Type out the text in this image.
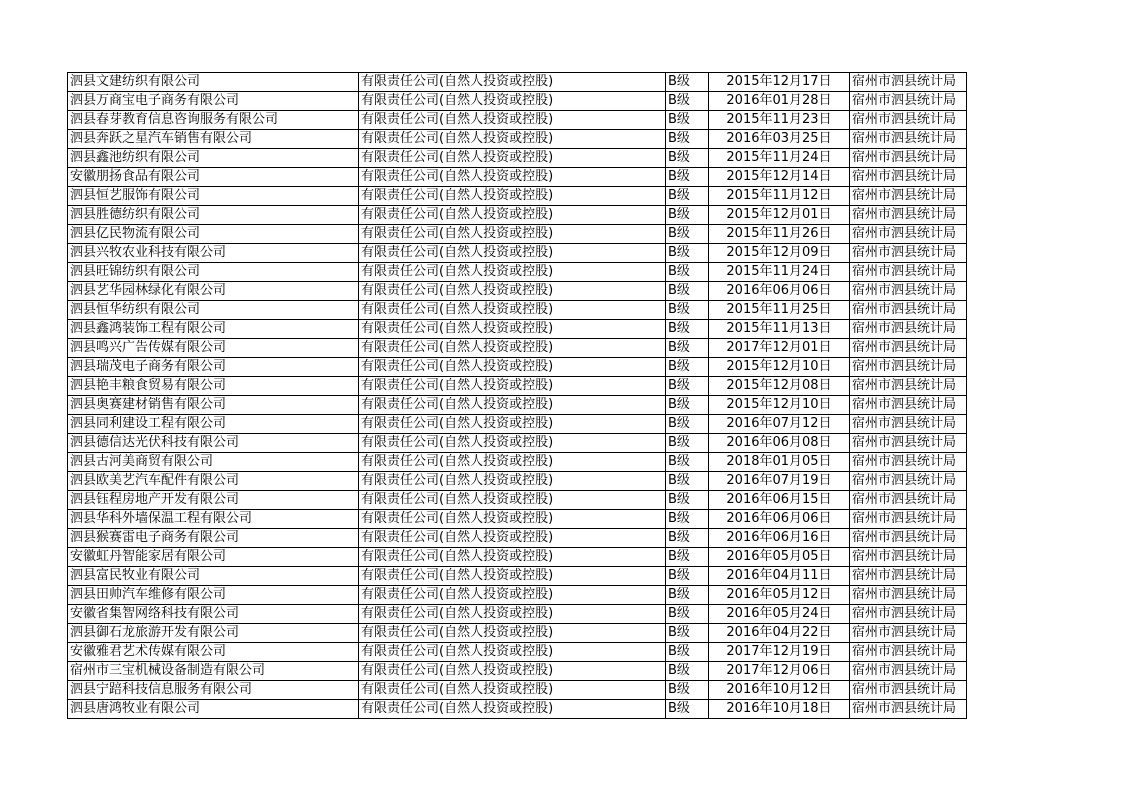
泗县文建纺织有限公司	有限责任公司(自然人投资或控股)	B级	2015年12月17日	宿州市泗县统计局
泗县万商宝电子商务有限公司	有限责任公司(自然人投资或控股)	B级	2016年01月28日	宿州市泗县统计局
泗县春芽教育信息咨询服务有限公司	有限责任公司(自然人投资或控股)	B级	2015年11月23日	宿州市泗县统计局
泗县奔跃之星汽车销售有限公司	有限责任公司(自然人投资或控股)	B级	2016年03月25日	宿州市泗县统计局
泗县鑫池纺织有限公司	有限责任公司(自然人投资或控股)	B级	2015年11月24日	宿州市泗县统计局
安徽朋扬食品有限公司	有限责任公司(自然人投资或控股)	B级	2015年12月14日	宿州市泗县统计局
泗县恒艺服饰有限公司	有限责任公司(自然人投资或控股)	B级	2015年11月12日	宿州市泗县统计局
泗县胜德纺织有限公司	有限责任公司(自然人投资或控股)	B级	2015年12月01日	宿州市泗县统计局
泗县亿民物流有限公司	有限责任公司(自然人投资或控股)	B级	2015年11月26日	宿州市泗县统计局
泗县兴牧农业科技有限公司	有限责任公司(自然人投资或控股)	B级	2015年12月09日	宿州市泗县统计局
泗县旺锦纺织有限公司	有限责任公司(自然人投资或控股)	B级	2015年11月24日	宿州市泗县统计局
泗县艺华园林绿化有限公司	有限责任公司(自然人投资或控股)	B级	2016年06月06日	宿州市泗县统计局
泗县恒华纺织有限公司	有限责任公司(自然人投资或控股)	B级	2015年11月25日	宿州市泗县统计局
泗县鑫鸿装饰工程有限公司	有限责任公司(自然人投资或控股)	B级	2015年11月13日	宿州市泗县统计局
泗县鸣兴广告传媒有限公司	有限责任公司(自然人投资或控股)	B级	2017年12月01日	宿州市泗县统计局
泗县瑞茂电子商务有限公司	有限责任公司(自然人投资或控股)	B级	2015年12月10日	宿州市泗县统计局
泗县艳丰粮食贸易有限公司	有限责任公司(自然人投资或控股)	B级	2015年12月08日	宿州市泗县统计局
泗县奥赛建材销售有限公司	有限责任公司(自然人投资或控股)	B级	2015年12月10日	宿州市泗县统计局
泗县同利建设工程有限公司	有限责任公司(自然人投资或控股)	B级	2016年07月12日	宿州市泗县统计局
泗县德信达光伏科技有限公司	有限责任公司(自然人投资或控股)	B级	2016年06月08日	宿州市泗县统计局
泗县古河美商贸有限公司	有限责任公司(自然人投资或控股)	B级	2018年01月05日	宿州市泗县统计局
泗县欧美艺汽车配件有限公司	有限责任公司(自然人投资或控股)	B级	2016年07月19日	宿州市泗县统计局
泗县钰程房地产开发有限公司	有限责任公司(自然人投资或控股)	B级	2016年06月15日	宿州市泗县统计局
泗县华科外墙保温工程有限公司	有限责任公司(自然人投资或控股)	B级	2016年06月06日	宿州市泗县统计局
泗县猴赛雷电子商务有限公司	有限责任公司(自然人投资或控股)	B级	2016年06月16日	宿州市泗县统计局
安徽虹丹智能家居有限公司	有限责任公司(自然人投资或控股)	B级	2016年05月05日	宿州市泗县统计局
泗县富民牧业有限公司	有限责任公司(自然人投资或控股)	B级	2016年04月11日	宿州市泗县统计局
泗县田帅汽车维修有限公司	有限责任公司(自然人投资或控股)	B级	2016年05月12日	宿州市泗县统计局
安徽省集智网络科技有限公司	有限责任公司(自然人投资或控股)	B级	2016年05月24日	宿州市泗县统计局
泗县御石龙旅游开发有限公司	有限责任公司(自然人投资或控股)	B级	2016年04月22日	宿州市泗县统计局
安徽雅君艺术传媒有限公司	有限责任公司(自然人投资或控股)	B级	2017年12月19日	宿州市泗县统计局
宿州市三宝机械设备制造有限公司	有限责任公司(自然人投资或控股)	B级	2017年12月06日	宿州市泗县统计局
泗县宁踣科技信息服务有限公司	有限责任公司(自然人投资或控股)	B级	2016年10月12日	宿州市泗县统计局
泗县唐鸿牧业有限公司	有限责任公司(自然人投资或控股)	B级	2016年10月18日	宿州市泗县统计局
